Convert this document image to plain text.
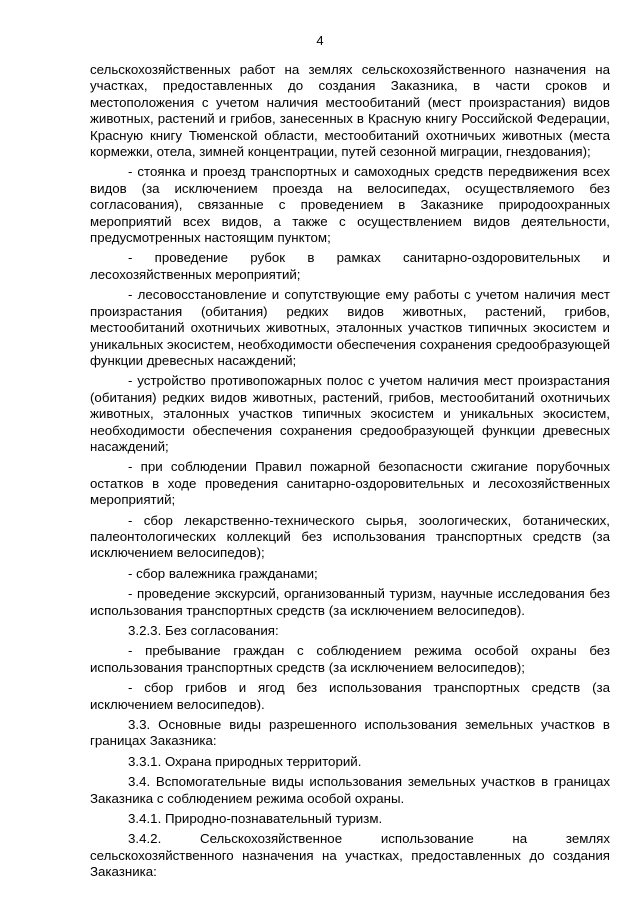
4

сельскохозяйственных работ на землях сельскохозяйственного назначения на участках, предоставленных до создания Заказника, в части сроков и местоположения с учетом наличия местообитаний (мест произрастания) видов животных, растений и грибов, занесенных в Красную книгу Российской Федерации, Красную книгу Тюменской области, местообитаний охотничьих животных (места кормежки, отела, зимней концентрации, путей сезонной миграции, гнездования);

- стоянка и проезд транспортных и самоходных средств передвижения всех видов (за исключением проезда на велосипедах, осуществляемого без согласования), связанные с проведением в Заказнике природоохранных мероприятий всех видов, а также с осуществлением видов деятельности, предусмотренных настоящим пунктом;

- проведение рубок в рамках санитарно-оздоровительных и лесохозяйственных мероприятий;

- лесовосстановление и сопутствующие ему работы с учетом наличия мест произрастания (обитания) редких видов животных, растений, грибов, местообитаний охотничьих животных, эталонных участков типичных экосистем и уникальных экосистем, необходимости обеспечения сохранения средообразующей функции древесных насаждений;

- устройство противопожарных полос с учетом наличия мест произрастания (обитания) редких видов животных, растений, грибов, местообитаний охотничьих животных, эталонных участков типичных экосистем и уникальных экосистем, необходимости обеспечения сохранения средообразующей функции древесных насаждений;

- при соблюдении Правил пожарной безопасности сжигание порубочных остатков в ходе проведения санитарно-оздоровительных и лесохозяйственных мероприятий;

- сбор лекарственно-технического сырья, зоологических, ботанических, палеонтологических коллекций без использования транспортных средств (за исключением велосипедов);

- сбор валежника гражданами;

- проведение экскурсий, организованный туризм, научные исследования без использования транспортных средств (за исключением велосипедов).

3.2.3. Без согласования:

- пребывание граждан с соблюдением режима особой охраны без использования транспортных средств (за исключением велосипедов);

- сбор грибов и ягод без использования транспортных средств (за исключением велосипедов).

3.3. Основные виды разрешенного использования земельных участков в границах Заказника:

3.3.1. Охрана природных территорий.

3.4. Вспомогательные виды использования земельных участков в границах Заказника с соблюдением режима особой охраны.

3.4.1. Природно-познавательный туризм.

3.4.2. Сельскохозяйственное использование на землях сельскохозяйственного назначения на участках, предоставленных до создания Заказника:
